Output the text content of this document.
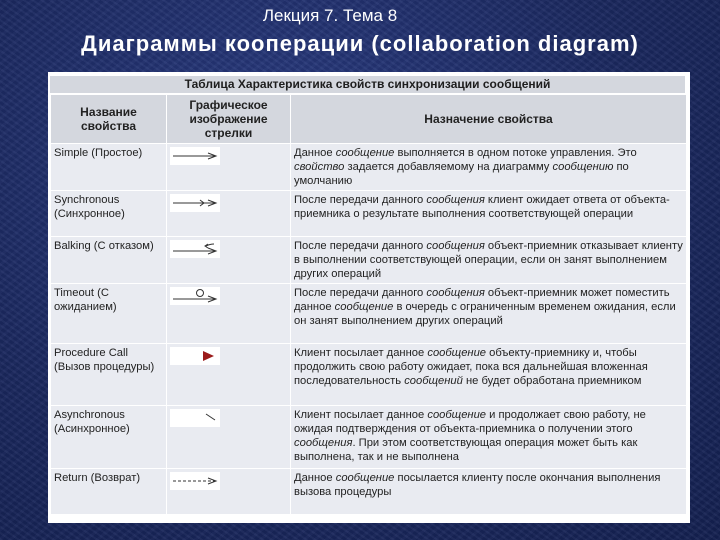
Лекция 7. Тема 8
Диаграммы кооперации (collaboration diagram)
Таблица Характеристика свойств синхронизации сообщений
Название свойства	Графическое изображение стрелки	Назначение свойства
Simple (Простое)		Данное сообщение выполняется в одном потоке управления. Это свойство задается добавляемому на диаграмму сообщению по умолчанию
Synchronous (Синхронное)		После передачи данного сообщения клиент ожидает ответа от объекта-приемника о результате выполнения соответствующей операции
Balking (С отказом)		После передачи данного сообщения объект-приемник отказывает клиенту в выполнении соответствующей операции, если он занят выполнением других операций
Timeout (С ожиданием)		После передачи данного сообщения объект-приемник может поместить данное сообщение в очередь с ограниченным временем ожидания, если он занят выполнением других операций
Procedure Call (Вызов процедуры)		Клиент посылает данное сообщение объекту-приемнику и, чтобы продолжить свою работу ожидает, пока вся дальнейшая вложенная последовательность сообщений не будет обработана приемником
Asynchronous (Асинхронное)		Клиент посылает данное сообщение и продолжает свою работу, не ожидая подтверждения от объекта-приемника о получении этого сообщения. При этом соответствующая операция может быть как выполнена, так и не выполнена
Return (Возврат)		Данное сообщение посылается клиенту после окончания выполнения вызова процедуры
